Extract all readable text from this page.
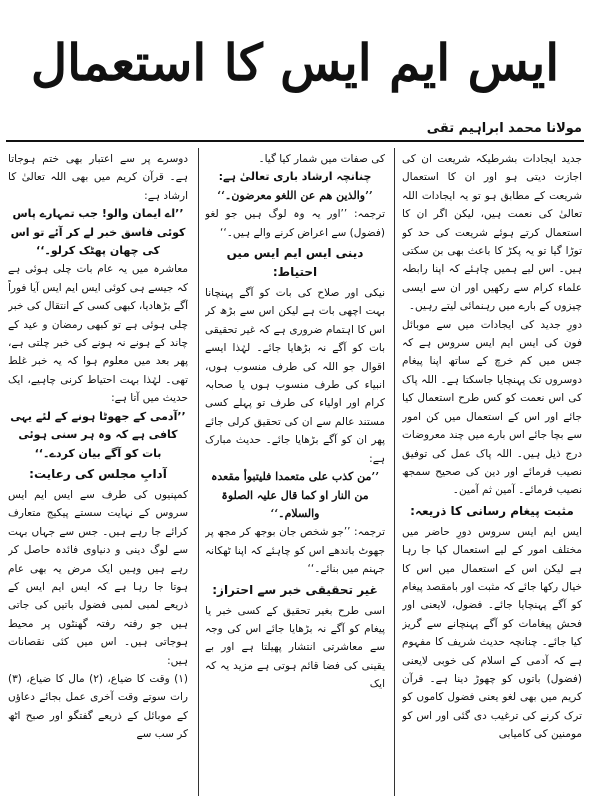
ایس ایم ایس کا استعمال
مولانا محمد ابراہیم تقی

جدید ایجادات بشرطیکہ شریعت ان کی اجازت دیتی ہو اور ان کا استعمال شریعت کے مطابق ہو تو یہ ایجادات اللہ تعالیٰ کی نعمت ہیں، لیکن اگر ان کا استعمال کرتے ہوئے شریعت کی حد کو توڑا گیا تو یہ پکڑ کا باعث بھی بن سکتی ہیں۔ اس لیے ہمیں چاہئے کہ اپنا رابطہ علماء کرام سے رکھیں اور ان سے ایسی چیزوں کے بارے میں رہنمائی لیتے رہیں۔

دورِ جدید کی ایجادات میں سے موبائل فون کی ایس ایم ایس سروس ہے کہ جس میں کم خرچ کے ساتھ اپنا پیغام دوسروں تک پہنچایا جاسکتا ہے۔ اللہ پاک کی اس نعمت کو کس طرح استعمال کیا جائے اور اس کے استعمال میں کن امور سے بچا جائے اس بارے میں چند معروضات درج ذیل ہیں۔ اللہ پاک عمل کی توفیق نصیب فرمائے اور دین کی صحیح سمجھ نصیب فرمائے۔ آمین ثم آمین۔

مثبت پیغام رسانی کا ذریعہ:

ایس ایم ایس سروس دورِ حاضر میں مختلف امور کے لیے استعمال کیا جا رہا ہے لیکن اس کے استعمال میں اس کا خیال رکھا جائے کہ مثبت اور بامقصد پیغام کو آگے پہنچایا جائے۔ فضول، لایعنی اور فحش پیغامات کو آگے پہنچانے سے گریز کیا جائے۔ چنانچہ حدیث شریف کا مفہوم ہے کہ آدمی کے اسلام کی خوبی لایعنی (فضول) باتوں کو چھوڑ دینا ہے۔ قرآن کریم میں بھی لغو یعنی فضول کاموں کو ترک کرنے کی ترغیب دی گئی اور اس کو مومنین کی کامیابی

کی صفات میں شمار کیا گیا۔

چنانچہ ارشاد باری تعالیٰ ہے:

’’والذین ھم عن اللغو معرضون۔‘‘

ترجمہ: ’’اور یہ وہ لوگ ہیں جو لغو (فضول) سے اعراض کرنے والے ہیں۔‘‘

دینی ایس ایم ایس میں احتیاط:

نیکی اور صلاح کی بات کو آگے پہنچانا بہت اچھی بات ہے لیکن اس سے بڑھ کر اس کا اہتمام ضروری ہے کہ غیر تحقیقی بات کو آگے نہ بڑھایا جائے۔ لہٰذا ایسے اقوال جو اللہ کی طرف منسوب ہوں، انبیاء کی طرف منسوب ہوں یا صحابہ کرام اور اولیاء کی طرف تو پہلے کسی مستند عالم سے ان کی تحقیق کرلی جائے پھر ان کو آگے بڑھایا جائے۔ حدیث مبارک ہے:

’’من کذب علی متعمدا فلیتبوأ مقعدہ من النار او کما قال علیہ الصلوۃ والسلام۔‘‘

ترجمہ: ’’جو شخص جان بوجھ کر مجھ پر جھوٹ باندھے اس کو چاہئے کہ اپنا ٹھکانہ جہنم میں بنائے۔‘‘

غیر تحقیقی خبر سے احتراز:

اسی طرح بغیر تحقیق کے کسی خبر یا پیغام کو آگے نہ بڑھایا جائے اس کی وجہ سے معاشرتی انتشار پھیلتا ہے اور بے یقینی کی فضا قائم ہوتی ہے مزید یہ کہ ایک

دوسرے پر سے اعتبار بھی ختم ہوجاتا ہے۔ قرآن کریم میں بھی اللہ تعالیٰ کا ارشاد ہے:

’’اے ایمان والو! جب تمہارے پاس کوئی فاسق خبر لے کر آئے تو اس کی چھان پھٹک کرلو۔‘‘

معاشرہ میں یہ عام بات چلی ہوئی ہے کہ جیسے ہی کوئی ایس ایم ایس آیا فوراً آگے بڑھادیا، کبھی کسی کے انتقال کی خبر چلی ہوئی ہے تو کبھی رمضان و عید کے چاند کے ہونے نہ ہونے کی خبر چلتی ہے، پھر بعد میں معلوم ہوا کہ یہ خبر غلط تھی۔ لہٰذا بہت احتیاط کرنی چاہیے، ایک حدیث میں آتا ہے:

’’آدمی کے جھوٹا ہونے کے لئے یہی کافی ہے کہ وہ ہر سنی ہوئی بات کو آگے بیان کردے۔‘‘

آدابِ مجلس کی رعایت:

کمپنیوں کی طرف سے ایس ایم ایس سروس کے نہایت سستے پیکیج متعارف کرائے جا رہے ہیں۔ جس سے جہاں بہت سے لوگ دینی و دنیاوی فائدہ حاصل کر رہے ہیں وہیں ایک مرض یہ بھی عام ہوتا جا رہا ہے کہ ایس ایم ایس کے ذریعے لمبی لمبی فضول باتیں کی جاتی ہیں جو رفتہ رفتہ گھنٹوں پر محیط ہوجاتی ہیں۔ اس میں کئی نقصانات ہیں:

(۱) وقت کا ضیاع، (۲) مال کا ضیاع، (۳) رات سوتے وقت آخری عمل بجائے دعاؤں کے موبائل کے ذریعے گفتگو اور صبح اٹھ کر سب سے
